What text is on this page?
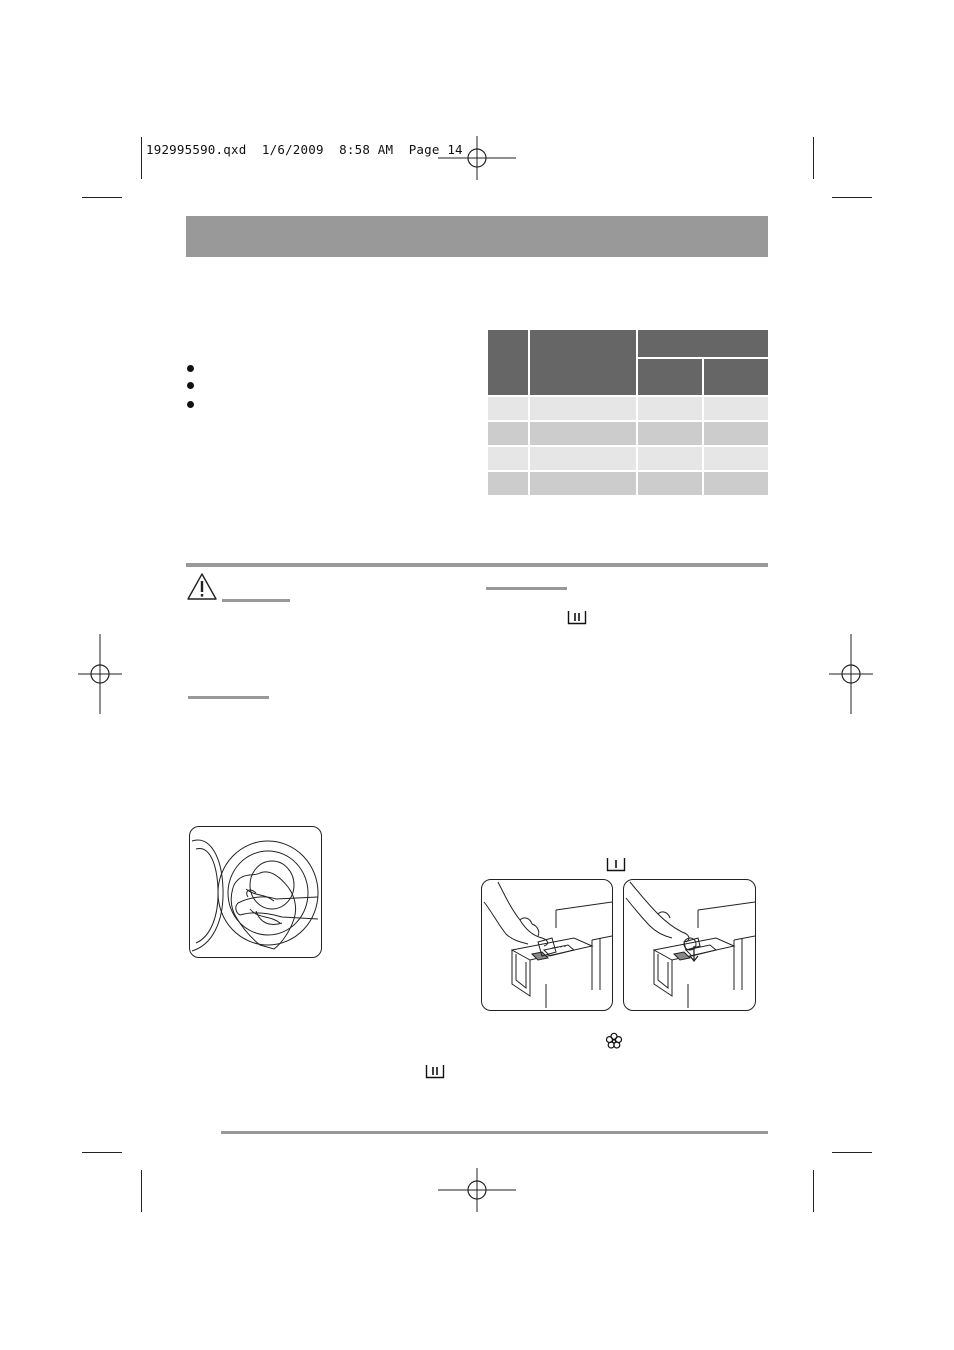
192995590.qxd 1/6/2009 8:58 AM Page 14
